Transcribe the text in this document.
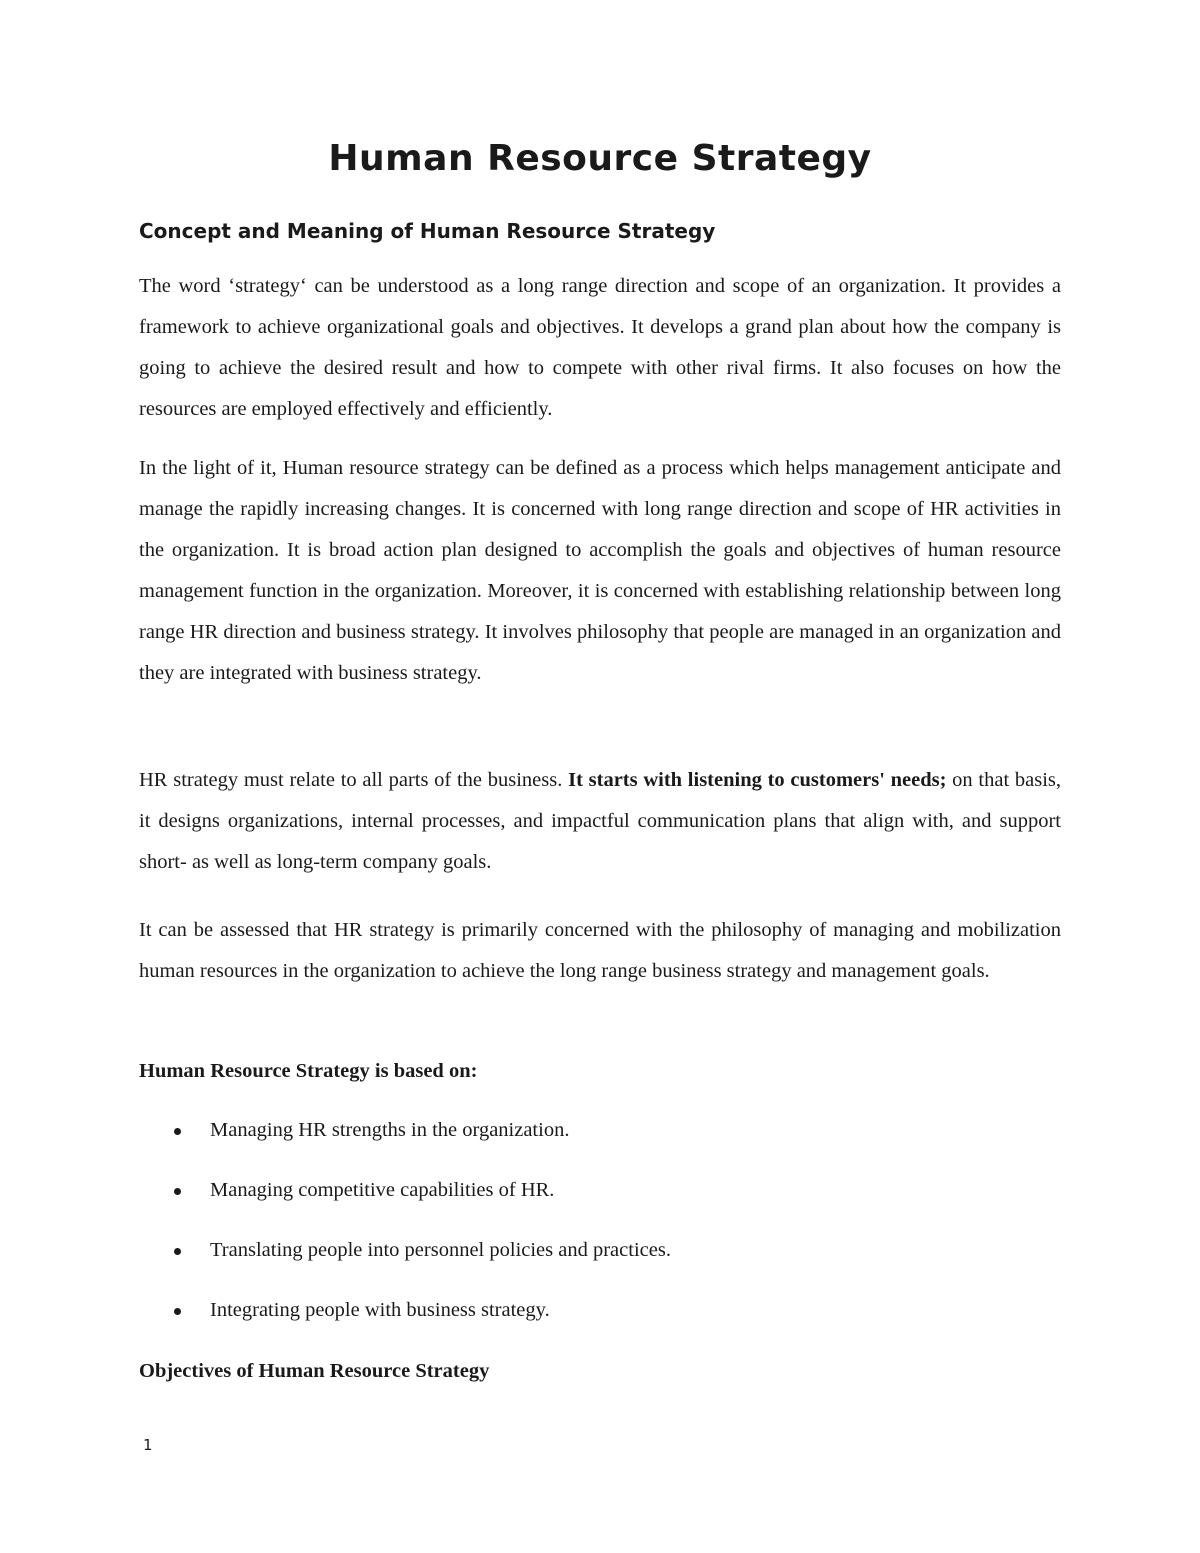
Human Resource Strategy
Concept and Meaning of Human Resource Strategy

The word ‘strategy‘ can be understood as a long range direction and scope of an organization. It provides a framework to achieve organizational goals and objectives. It develops a grand plan about how the company is going to achieve the desired result and how to compete with other rival firms. It also focuses on how the resources are employed effectively and efficiently.

In the light of it, Human resource strategy can be defined as a process which helps management anticipate and manage the rapidly increasing changes. It is concerned with long range direction and scope of HR activities in the organization. It is broad action plan designed to accomplish the goals and objectives of human resource management function in the organization. Moreover, it is concerned with establishing relationship between long range HR direction and business strategy. It involves philosophy that people are managed in an organization and they are integrated with business strategy.

HR strategy must relate to all parts of the business. It starts with listening to customers' needs; on that basis, it designs organizations, internal processes, and impactful communication plans that align with, and support short- as well as long-term company goals.

It can be assessed that HR strategy is primarily concerned with the philosophy of managing and mobilization human resources in the organization to achieve the long range business strategy and management goals.

Human Resource Strategy is based on:
Managing HR strengths in the organization.
Managing competitive capabilities of HR.
Translating people into personnel policies and practices.
Integrating people with business strategy.
Objectives of Human Resource Strategy
1
